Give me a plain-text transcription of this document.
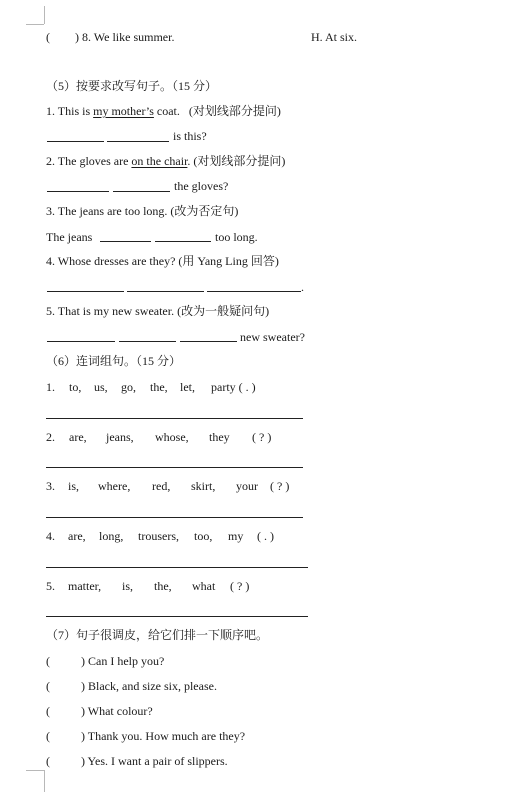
( ) 8. We like summer.	H. At six.
（5）按要求改写句子。（15 分）
1. This is my mother’s coat.   (对划线部分提问)
is this?
2. The gloves are on the chair. (对划线部分提问)
the gloves?
3. The jeans are too long. (改为否定句)
The jeans	too long.
4. Whose dresses are they? (用 Yang Ling 回答)
.
5. That is my new sweater. (改为一般疑问句)
new sweater?
（6）连词组句。（15 分）
1. to, us, go, the, let, party ( . )
2. are, jeans, whose, they ( ? )
3. is, where, red, skirt, your ( ? )
4. are, long, trousers, too, my ( . )
5. matter, is, the, what ( ? )
（7）句子很调皮，给它们排一下顺序吧。
(	) Can I help you?
(	) Black, and size six, please.
(	) What colour?
(	) Thank you. How much are they?
(	) Yes. I want a pair of slippers.
